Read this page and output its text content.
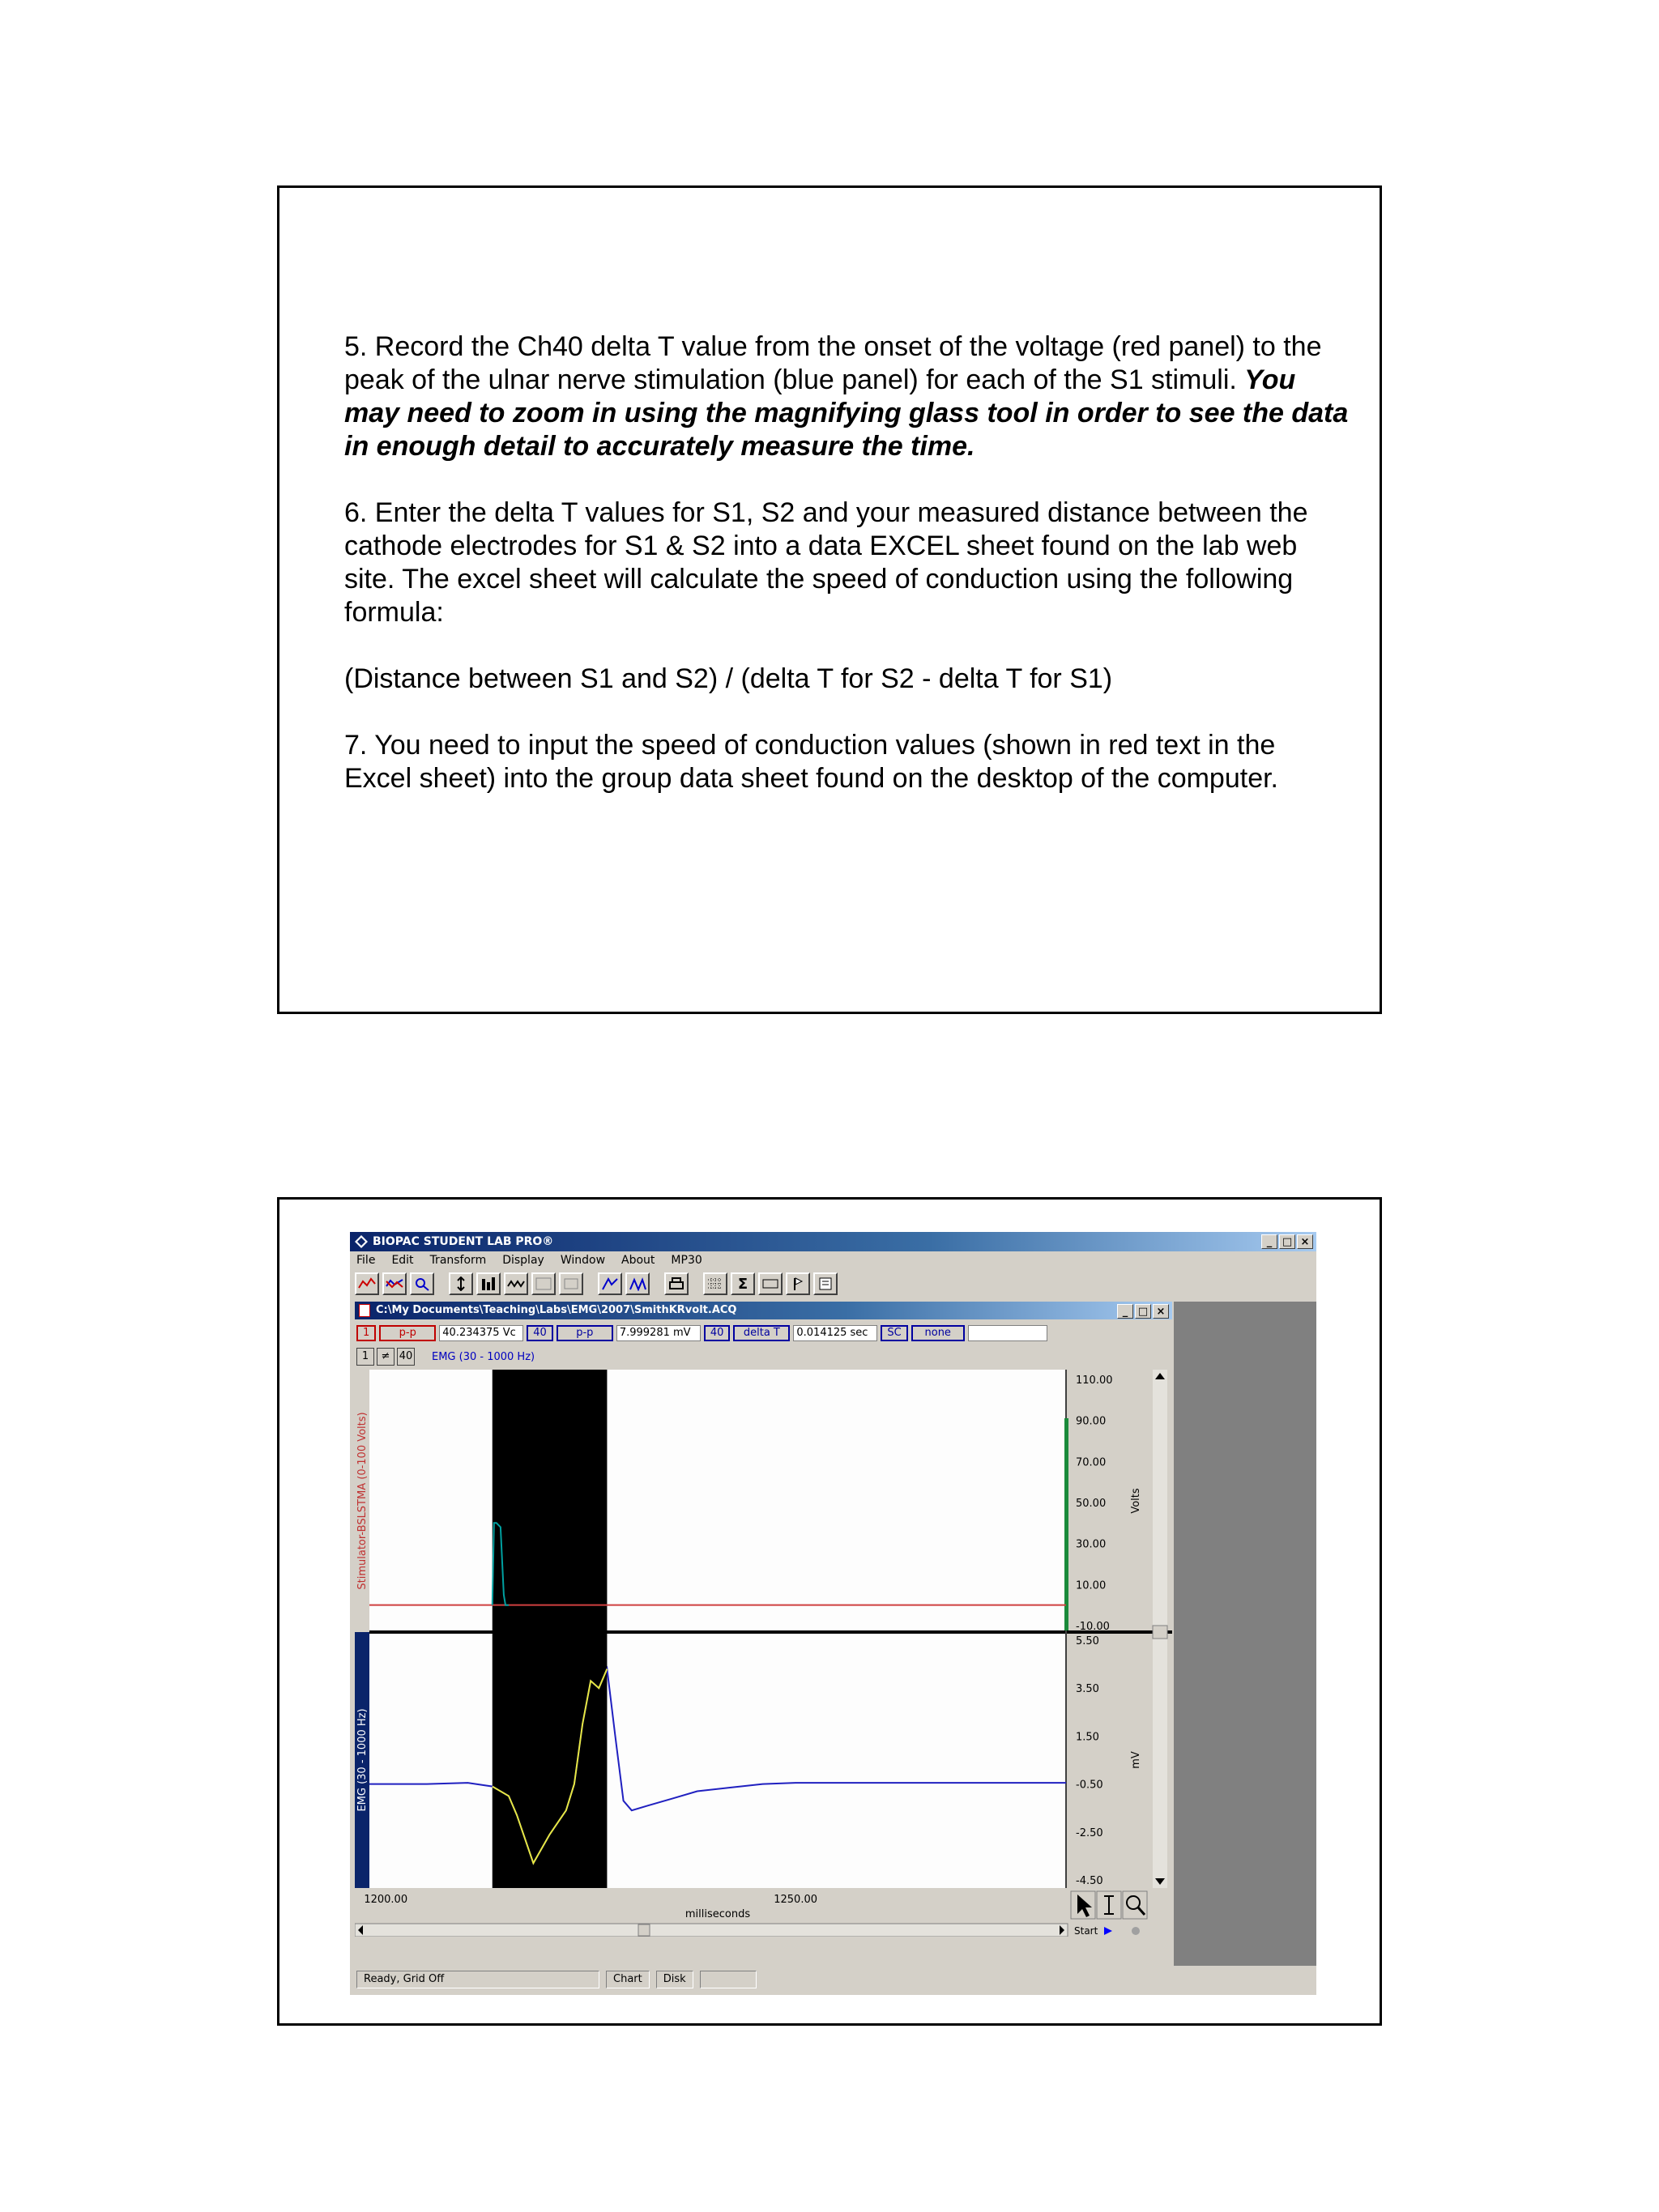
5. Record the Ch40 delta T value from the onset of the voltage (red panel) to the peak of the ulnar nerve stimulation (blue panel) for each of the S1 stimuli. You may need to zoom in using the magnifying glass tool in order to see the data in enough detail to accurately measure the time.

6. Enter the delta T values for S1, S2 and your measured distance between the cathode electrodes for S1 & S2 into a data EXCEL sheet found on the lab web site. The excel sheet will calculate the speed of conduction using the following formula:

(Distance between S1 and S2) / (delta T for S2 - delta T for S1)

7. You need to input the speed of conduction values (shown in red text in the Excel sheet) into the group data sheet found on the desktop of the computer.

BIOPAC STUDENT LAB PRO®	_ □ ×
File Edit Transform Display Window About MP30
Σ
C:\My Documents\Teaching\Labs\EMG\2007\SmithKRvolt.ACQ	_ □ ×
1	p-p	40.234375 Vc	40	p-p	7.999281 mV	40	delta T	0.014125 sec	SC	none
1	≠ 40 EMG (30 - 1000 Hz)
Stimulator-BSLSTMA (0-100 Volts)
EMG (30 - 1000 Hz)
Volts
mV
110.00
90.00
70.00
50.00
30.00
10.00
-10.00
5.50
3.50
1.50
-0.50
-2.50
-4.50
1200.00	1250.00
milliseconds
Start
Ready, Grid Off	Chart	Disk
